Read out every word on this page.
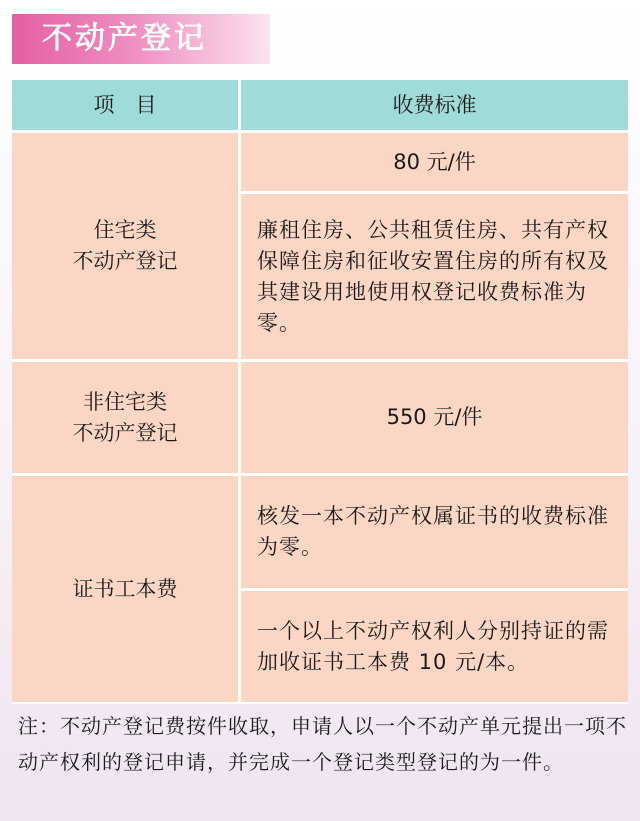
不动产登记
项　目	收费标准
住宅类
不动产登记
80 元/件
廉租住房、公共租赁住房、共有产权保障住房和征收安置住房的所有权及其建设用地使用权登记收费标准为零。
非住宅类
不动产登记
550 元/件
证书工本费
核发一本不动产权属证书的收费标准为零。
一个以上不动产权利人分别持证的需加收证书工本费 10 元/本。
注：不动产登记费按件收取，申请人以一个不动产单元提出一项不动产权利的登记申请，并完成一个登记类型登记的为一件。
